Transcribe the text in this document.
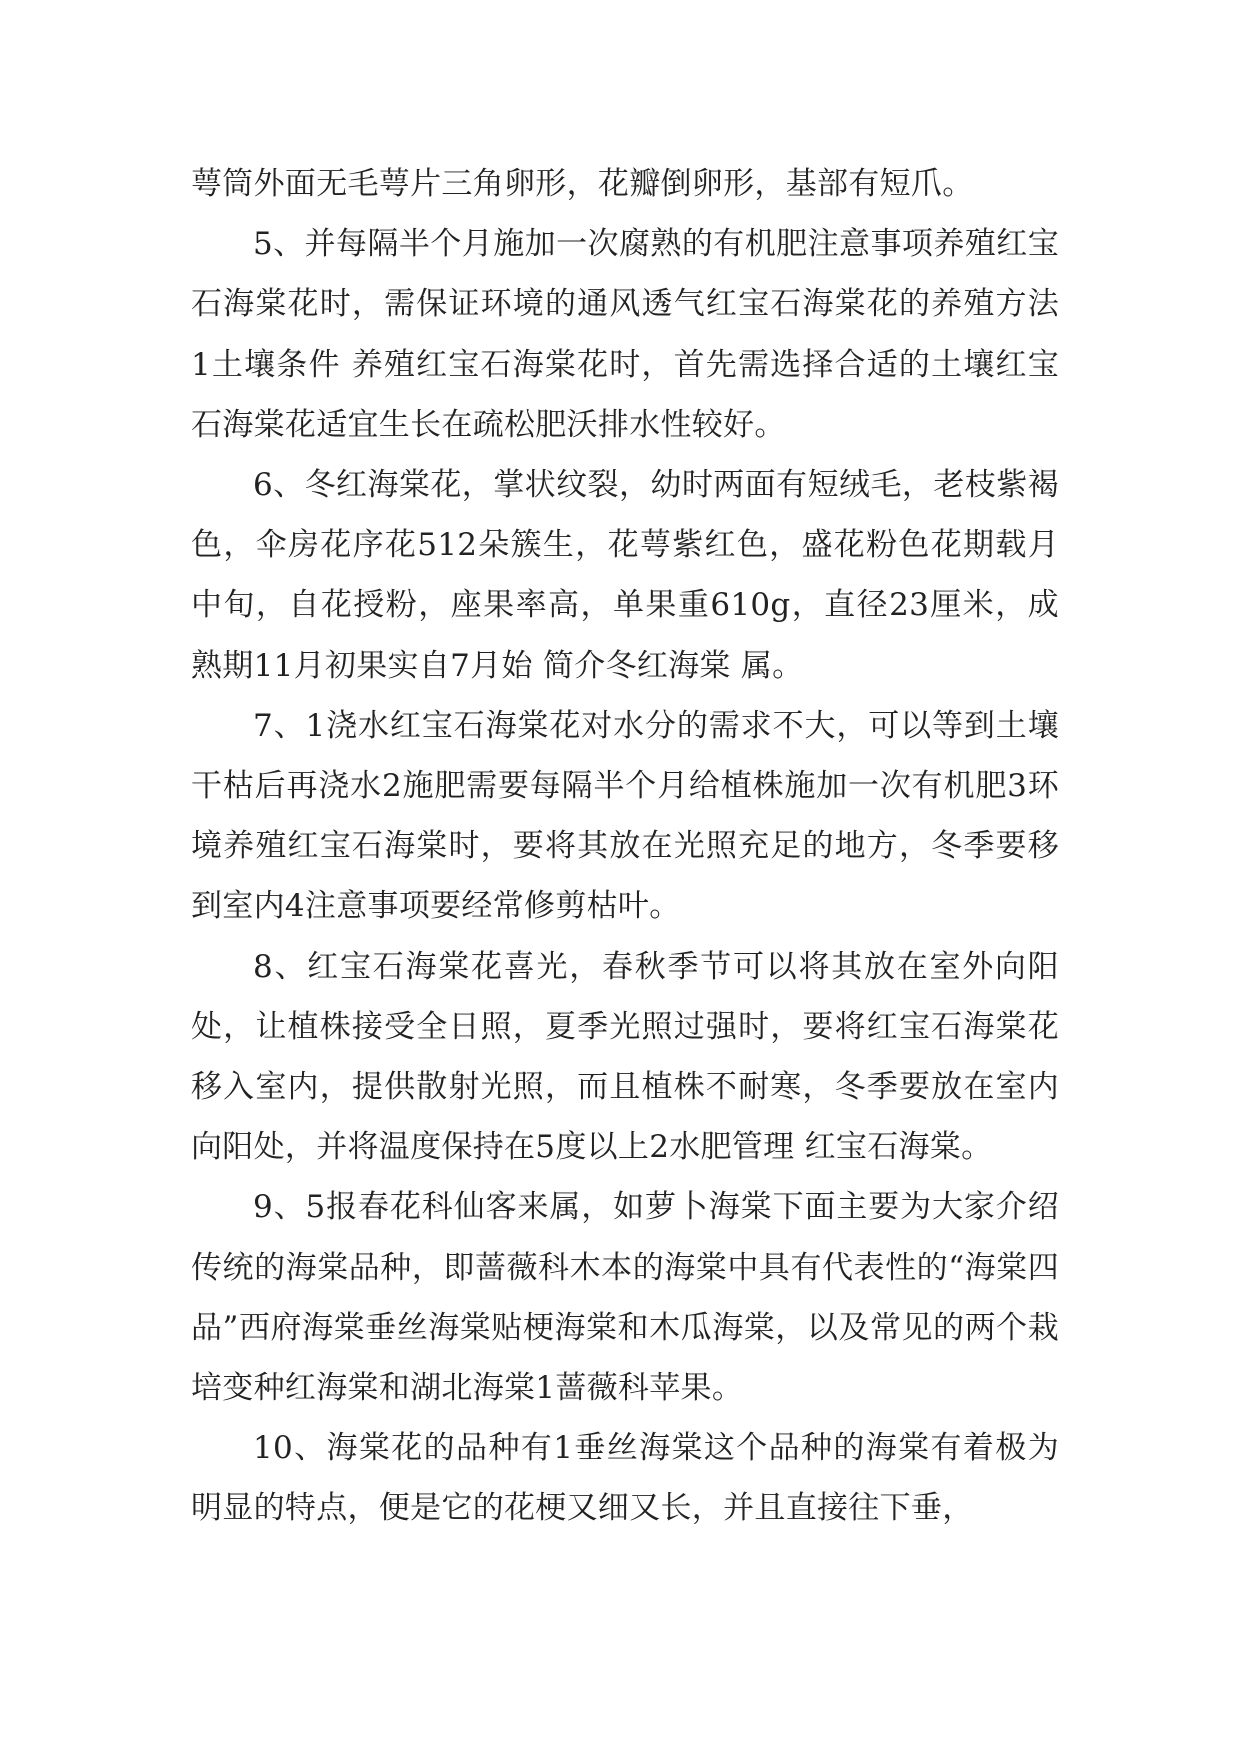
萼筒外面无毛萼片三角卵形，花瓣倒卵形，基部有短爪。

5、并每隔半个月施加一次腐熟的有机肥注意事项养殖红宝石海棠花时，需保证环境的通风透气红宝石海棠花的养殖方法 1土壤条件 养殖红宝石海棠花时，首先需选择合适的土壤红宝石海棠花适宜生长在疏松肥沃排水性较好。

6、冬红海棠花，掌状纹裂，幼时两面有短绒毛，老枝紫褐色，伞房花序花512朵簇生，花萼紫红色，盛花粉色花期载月中旬，自花授粉，座果率高，单果重610g，直径23厘米，成熟期11月初果实自7月始 简介冬红海棠 属。

7、1浇水红宝石海棠花对水分的需求不大，可以等到土壤干枯后再浇水2施肥需要每隔半个月给植株施加一次有机肥3环境养殖红宝石海棠时，要将其放在光照充足的地方，冬季要移到室内4注意事项要经常修剪枯叶。

8、红宝石海棠花喜光，春秋季节可以将其放在室外向阳处，让植株接受全日照，夏季光照过强时，要将红宝石海棠花移入室内，提供散射光照，而且植株不耐寒，冬季要放在室内向阳处，并将温度保持在5度以上2水肥管理 红宝石海棠。

9、5报春花科仙客来属，如萝卜海棠下面主要为大家介绍传统的海棠品种，即蔷薇科木本的海棠中具有代表性的“海棠四品”西府海棠垂丝海棠贴梗海棠和木瓜海棠，以及常见的两个栽培变种红海棠和湖北海棠1蔷薇科苹果。

10、海棠花的品种有1垂丝海棠这个品种的海棠有着极为明显的特点，便是它的花梗又细又长，并且直接往下垂，
